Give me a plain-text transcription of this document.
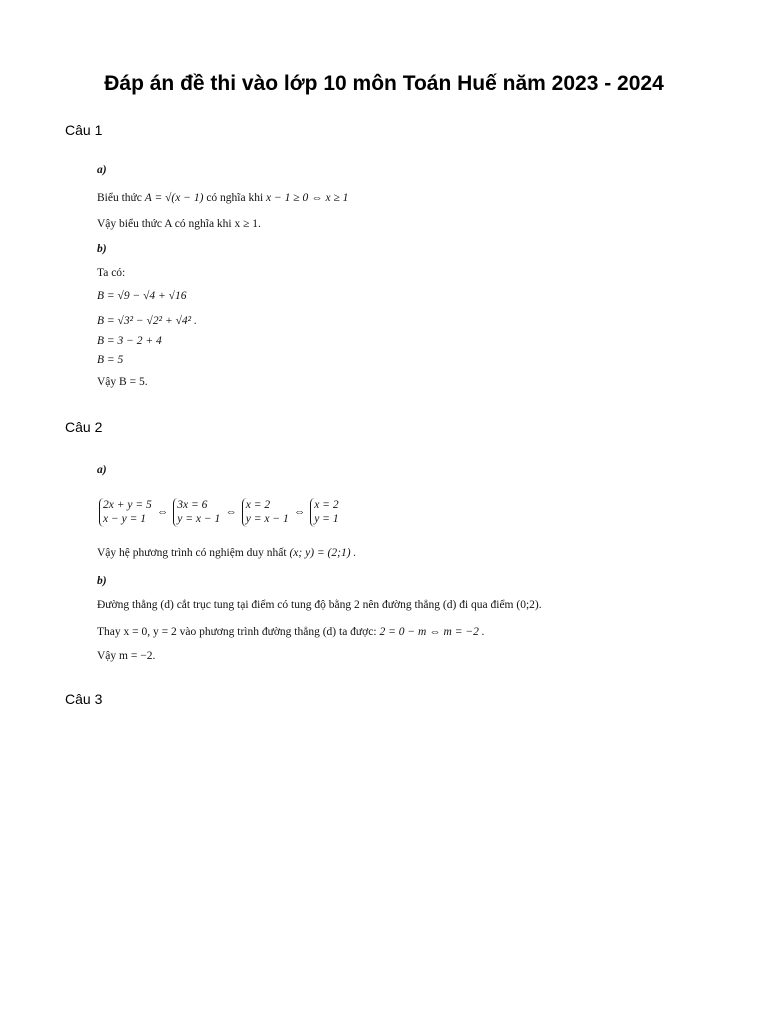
Đáp án đề thi vào lớp 10 môn Toán Huế năm 2023 - 2024
Câu 1
a)
Biểu thức A = √(x − 1) có nghĩa khi x − 1 ≥ 0 ⇔ x ≥ 1
Vậy biểu thức A có nghĩa khi x ≥ 1.
b)
Ta có:
B = √9 − √4 + √16
B = √3² − √2² + √4² .
B = 3 − 2 + 4
B = 5
Vậy B = 5.
Câu 2
a)
2x + y = 5
x − y = 1
⇔
3x = 6
y = x − 1
⇔
x = 2
y = x − 1
⇔
x = 2
y = 1
Vậy hệ phương trình có nghiệm duy nhất (x; y) = (2;1) .
b)
Đường thẳng (d) cắt trục tung tại điểm có tung độ bằng 2 nên đường thẳng (d) đi qua điểm (0;2).
Thay x = 0, y = 2 vào phương trình đường thẳng (d) ta được: 2 = 0 − m ⇔ m = −2 .
Vậy m = −2.
Câu 3
